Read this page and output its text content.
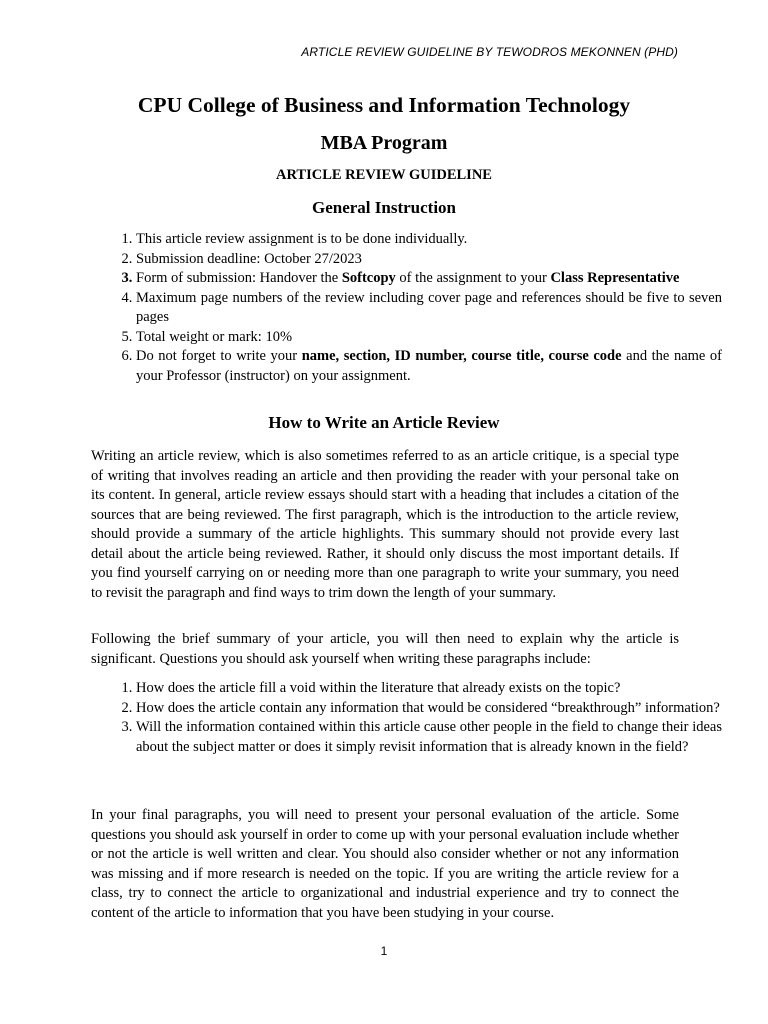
ARTICLE REVIEW GUIDELINE BY TEWODROS MEKONNEN (PHD)
CPU College of Business and Information Technology
MBA Program
ARTICLE REVIEW GUIDELINE
General Instruction
1. This article review assignment is to be done individually.
2. Submission deadline: October 27/2023
3. Form of submission: Handover the Softcopy of the assignment to your Class Representative
4. Maximum page numbers of the review including cover page and references should be five to seven pages
5. Total weight or mark: 10%
6. Do not forget to write your name, section, ID number, course title, course code and the name of your Professor (instructor) on your assignment.
How to Write an Article Review

Writing an article review, which is also sometimes referred to as an article critique, is a special type of writing that involves reading an article and then providing the reader with your personal take on its content. In general, article review essays should start with a heading that includes a citation of the sources that are being reviewed. The first paragraph, which is the introduction to the article review, should provide a summary of the article highlights. This summary should not provide every last detail about the article being reviewed. Rather, it should only discuss the most important details. If you find yourself carrying on or needing more than one paragraph to write your summary, you need to revisit the paragraph and find ways to trim down the length of your summary.

Following the brief summary of your article, you will then need to explain why the article is significant. Questions you should ask yourself when writing these paragraphs include:

1. How does the article fill a void within the literature that already exists on the topic?
2. How does the article contain any information that would be considered “breakthrough” information?
3. Will the information contained within this article cause other people in the field to change their ideas about the subject matter or does it simply revisit information that is already known in the field?

In your final paragraphs, you will need to present your personal evaluation of the article. Some questions you should ask yourself in order to come up with your personal evaluation include whether or not the article is well written and clear. You should also consider whether or not any information was missing and if more research is needed on the topic. If you are writing the article review for a class, try to connect the article to organizational and industrial experience and try to connect the content of the article to information that you have been studying in your course.

1
